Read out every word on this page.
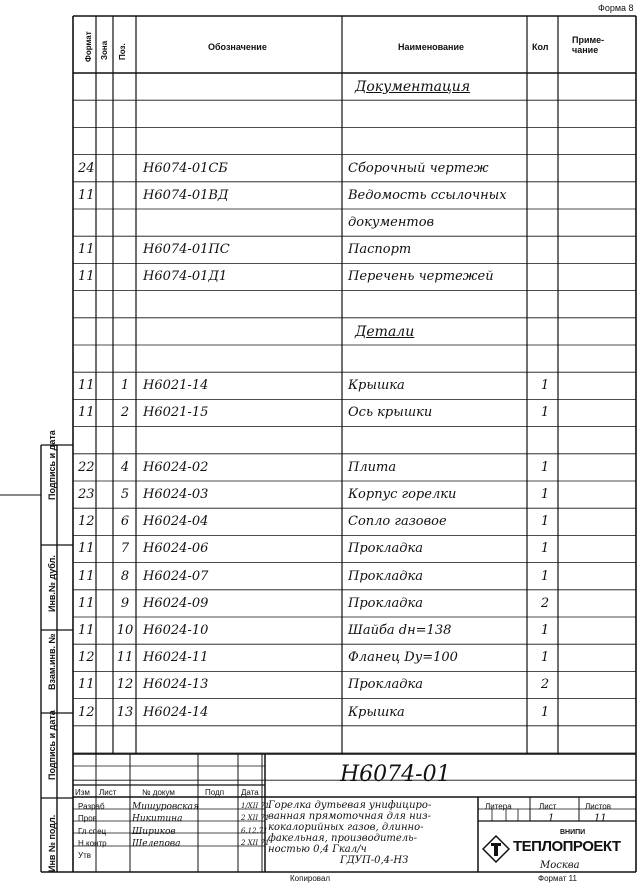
Форма 8
Формат Зона Поз.	Обозначение	Наименование	Кол
Приме-
чание
Документация
24	Н6074-01СБ	Сборочный чертеж
11	Н6074-01ВД	Ведомость ссылочных
документов
11	Н6074-01ПС	Паспорт
11	Н6074-01Д1	Перечень чертежей
Детали
11	1	Н6021-14	Крышка	1
11	2	Н6021-15	Ось крышки	1
22	4	Н6024-02	Плита	1
23	5	Н6024-03	Корпус горелки	1
12	6	Н6024-04	Сопло газовое	1
11	7	Н6024-06	Прокладка	1
11	8	Н6024-07	Прокладка	1
11	9	Н6024-09	Прокладка	2
11 10 Н6024-10	Шайба dн=138	1
12 11 Н6024-11	Фланец Dу=100	1
11 12 Н6024-13	Прокладка	2
12 13 Н6024-14	Крышка	1
Подпись и дата
Инв.№ дубл.
Взам.инв. №
Подпись и дата
Инв № подл.
Н6074-01
Изм Лист	№ докум	Подп Дата
Разраб	Мишуровская	1/XII 71
Пров	Никитина	2 XII 71
Гл спец	Шириков	6.12.71
Н.контр	Шелепова	2 XII 71
Утв
Горелка дутьевая унифициро-
ванная прямоточная для низ-
кокалорийных газов, длинно-
факельная, производитель-
ностью 0,4 Гкал/ч
ГДУП-0,4-НЗ
Литера	Лист	Листов
1	11
ВНИПИ
ТЕПЛОПРОЕКТ
Москва
Копировал	Формат 11
